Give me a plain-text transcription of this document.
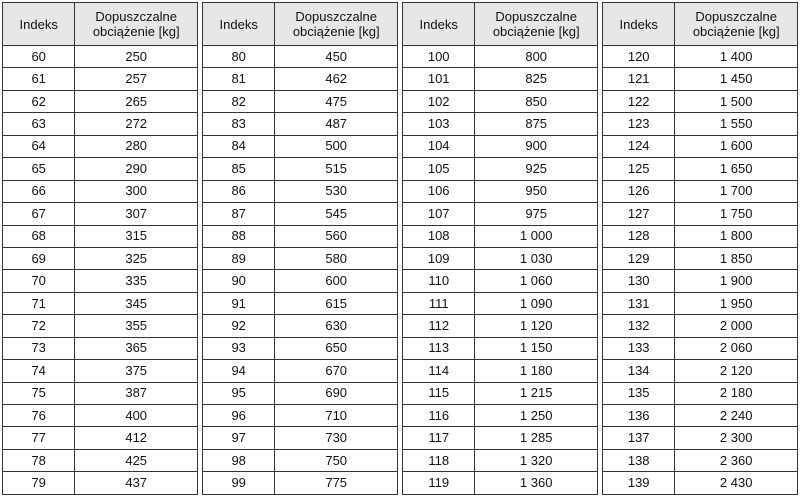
Indeks	Dopuszczalne
obciążenie [kg]

60	250
61	257
62	265
63	272
64	280
65	290
66	300
67	307
68	315
69	325
70	335
71	345
72	355
73	365
74	375
75	387
76	400
77	412
78	425
79	437
Indeks	Dopuszczalne
obciążenie [kg]

80	450
81	462
82	475
83	487
84	500
85	515
86	530
87	545
88	560
89	580
90	600
91	615
92	630
93	650
94	670
95	690
96	710
97	730
98	750
99	775
Indeks	Dopuszczalne
obciążenie [kg]

100	800
101	825
102	850
103	875
104	900
105	925
106	950
107	975
108	1 000
109	1 030
110	1 060
111	1 090
112	1 120
113	1 150
114	1 180
115	1 215
116	1 250
117	1 285
118	1 320
119	1 360
Indeks	Dopuszczalne
obciążenie [kg]

120	1 400
121	1 450
122	1 500
123	1 550
124	1 600
125	1 650
126	1 700
127	1 750
128	1 800
129	1 850
130	1 900
131	1 950
132	2 000
133	2 060
134	2 120
135	2 180
136	2 240
137	2 300
138	2 360
139	2 430
